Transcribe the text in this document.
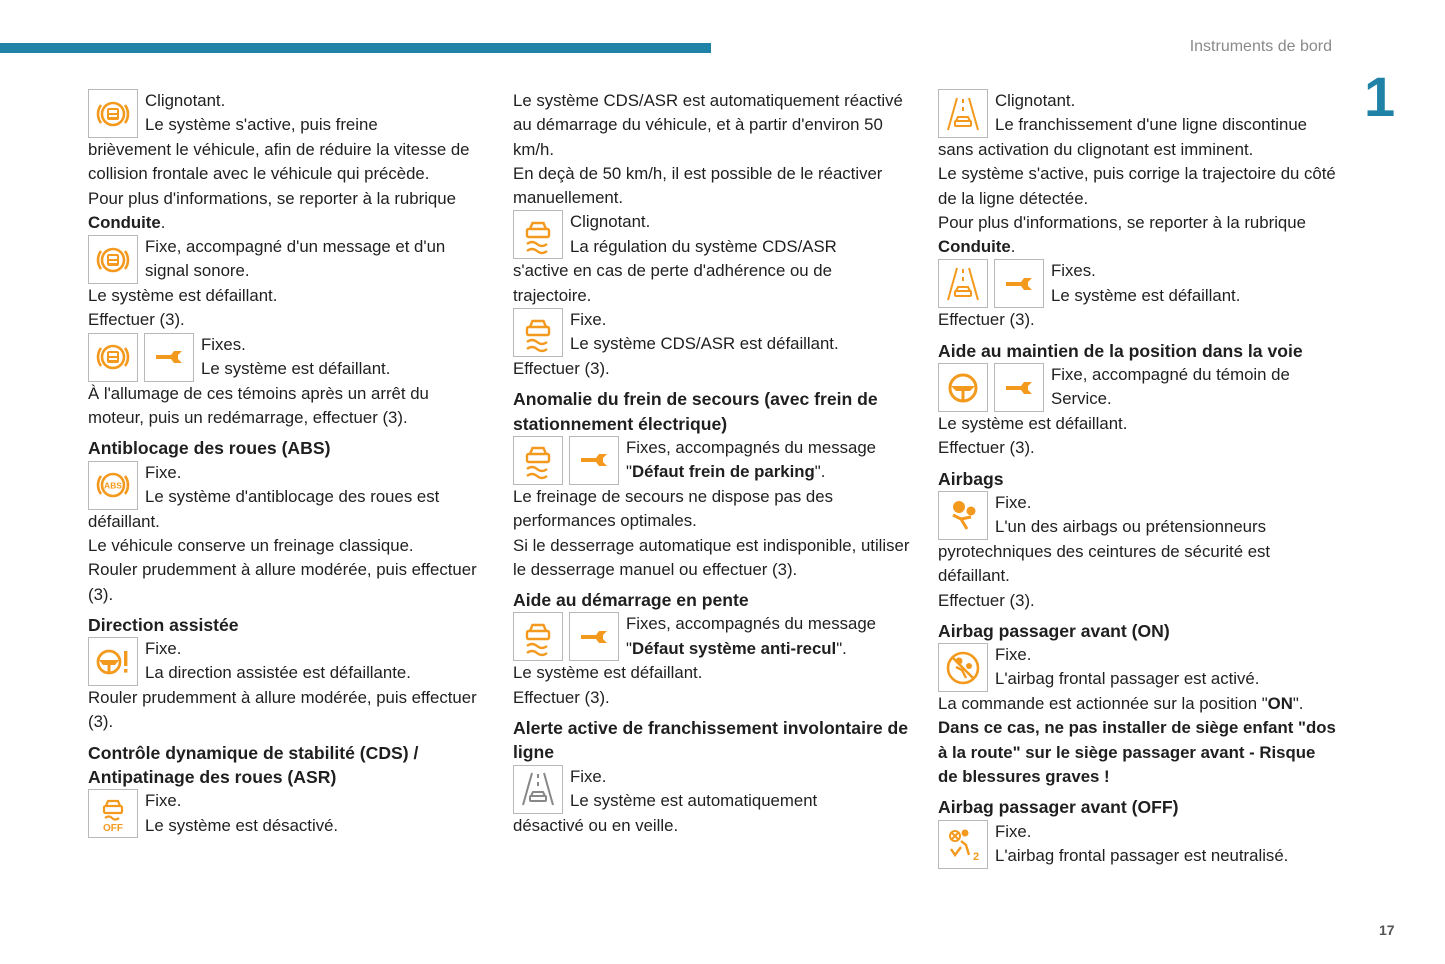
Instruments de bord
1

Clignotant.

Le système s'active, puis freine

brièvement le véhicule, afin de réduire la vitesse de collision frontale avec le véhicule qui précède.

Pour plus d'informations, se reporter à la rubrique Conduite.

Fixe, accompagné d'un message et d'un signal sonore.

Le système est défaillant.

Effectuer (3).

Fixes.

Le système est défaillant.

À l'allumage de ces témoins après un arrêt du moteur, puis un redémarrage, effectuer (3).

Antiblocage des roues (ABS)
ABS

Fixe.

Le système d'antiblocage des roues est

défaillant.

Le véhicule conserve un freinage classique.

Rouler prudemment à allure modérée, puis effectuer (3).

Direction assistée

Fixe.

La direction assistée est défaillante.

Rouler prudemment à allure modérée, puis effectuer (3).

Contrôle dynamique de stabilité (CDS) / Antipatinage des roues (ASR)
OFF

Fixe.

Le système est désactivé.

Le système CDS/ASR est automatiquement réactivé au démarrage du véhicule, et à partir d'environ 50 km/h.

En deçà de 50 km/h, il est possible de le réactiver manuellement.

Clignotant.

La régulation du système CDS/ASR

s'active en cas de perte d'adhérence ou de trajectoire.

Fixe.

Le système CDS/ASR est défaillant.

Effectuer (3).

Anomalie du frein de secours (avec frein de stationnement électrique)

Fixes, accompagnés du message

"Défaut frein de parking".

Le freinage de secours ne dispose pas des performances optimales.

Si le desserrage automatique est indisponible, utiliser le desserrage manuel ou effectuer (3).

Aide au démarrage en pente

Fixes, accompagnés du message

"Défaut système anti-recul".

Le système est défaillant.

Effectuer (3).

Alerte active de franchissement involontaire de ligne

Fixe.

Le système est automatiquement

désactivé ou en veille.

Clignotant.

Le franchissement d'une ligne discontinue

sans activation du clignotant est imminent.

Le système s'active, puis corrige la trajectoire du côté de la ligne détectée.

Pour plus d'informations, se reporter à la rubrique Conduite.

Fixes.

Le système est défaillant.

Effectuer (3).

Aide au maintien de la position dans la voie

Fixe, accompagné du témoin de Service.

Le système est défaillant.

Effectuer (3).

Airbags

Fixe.

L'un des airbags ou prétensionneurs

pyrotechniques des ceintures de sécurité est défaillant.

Effectuer (3).

Airbag passager avant (ON)

Fixe.

L'airbag frontal passager est activé.

La commande est actionnée sur la position "ON".

Dans ce cas, ne pas installer de siège enfant "dos à la route" sur le siège passager avant - Risque de blessures graves !

Airbag passager avant (OFF)
2

Fixe.

L'airbag frontal passager est neutralisé.

17
